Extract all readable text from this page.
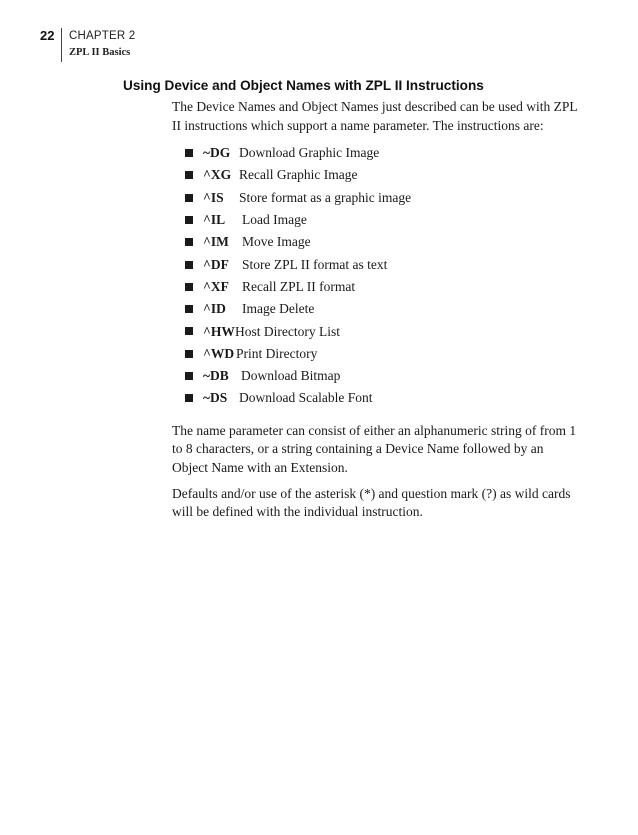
22 CHAPTER 2
ZPL II Basics
Using Device and Object Names with ZPL II Instructions

The Device Names and Object Names just described can be used with ZPL II instructions which support a name parameter. The instructions are:

~DG Download Graphic Image
^XG Recall Graphic Image
^IS Store format as a graphic image
^IL Load Image
^IM Move Image
^DF Store ZPL II format as text
^XF Recall ZPL II format
^ID Image Delete
^HWHost Directory List
^WD Print Directory
~DB Download Bitmap
~DS Download Scalable Font

The name parameter can consist of either an alphanumeric string of from 1 to 8 characters, or a string containing a Device Name followed by an Object Name with an Extension.

Defaults and/or use of the asterisk (*) and question mark (?) as wild cards will be defined with the individual instruction.
